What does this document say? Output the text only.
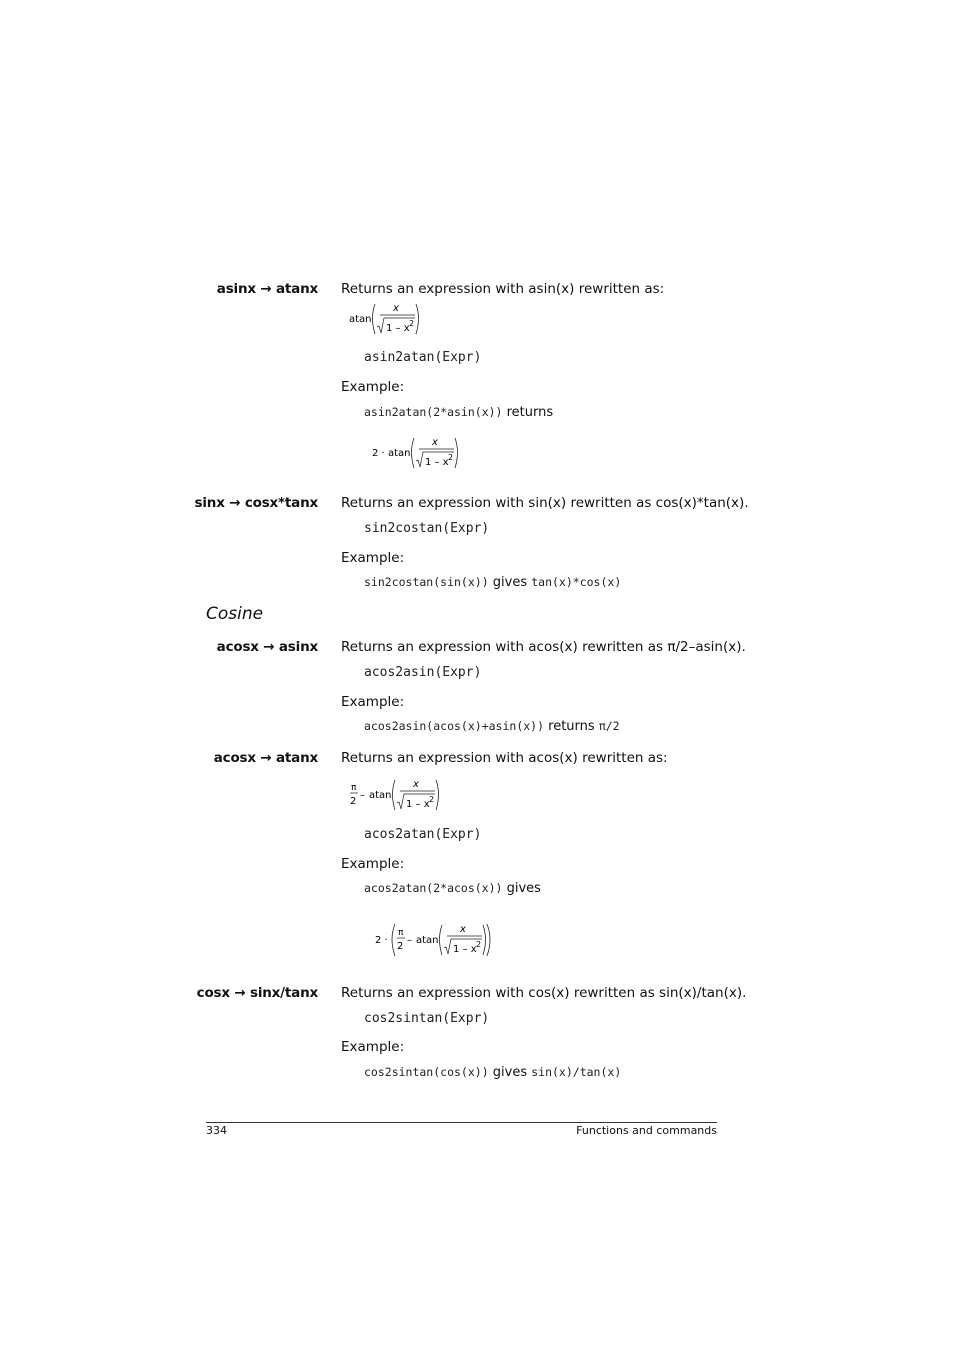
asinx → atanx Returns an expression with asin(x) rewritten as:
atan
x
1 – x 2
asin2atan(Expr)
Example:
asin2atan(2*asin(x)) returns
2 · atan
x
1 – x 2
sinx → cosx*tanx Returns an expression with sin(x) rewritten as cos(x)*tan(x).
sin2costan(Expr)
Example:
sin2costan(sin(x)) gives tan(x)*cos(x)
Cosine
acosx → asinx Returns an expression with acos(x) rewritten as π/2–asin(x).
acos2asin(Expr)
Example:
acos2asin(acos(x)+asin(x)) returns π/2
acosx → atanx Returns an expression with acos(x) rewritten as:
π
2
– atan
x
1 – x 2
acos2atan(Expr)
Example:
acos2atan(2*acos(x)) gives
2 ·
π
2
– atan
x
1 – x 2
cosx → sinx/tanx Returns an expression with cos(x) rewritten as sin(x)/tan(x).
cos2sintan(Expr)
Example:
cos2sintan(cos(x)) gives sin(x)/tan(x)
334	Functions and commands
